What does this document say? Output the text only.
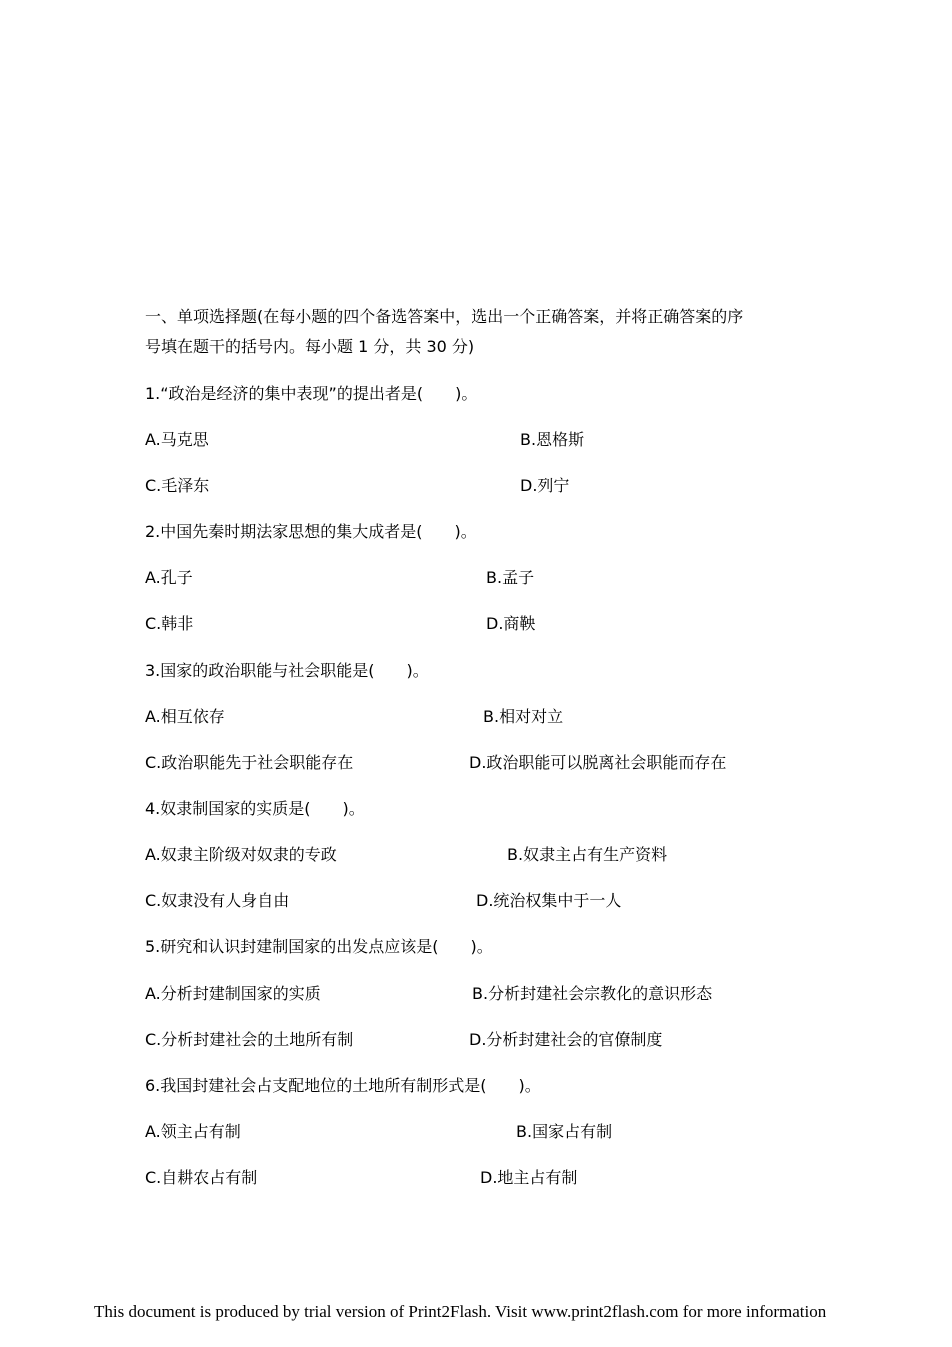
一、单项选择题(在每小题的四个备选答案中，选出一个正确答案，并将正确答案的序
号填在题干的括号内。每小题 1 分，共 30 分)
1.“政治是经济的集中表现”的提出者是(　　)。
A.马克思	B.恩格斯
C.毛泽东	D.列宁
2.中国先秦时期法家思想的集大成者是(　　)。
A.孔子	B.孟子
C.韩非	D.商鞅
3.国家的政治职能与社会职能是(　　)。
A.相互依存	B.相对对立
C.政治职能先于社会职能存在	D.政治职能可以脱离社会职能而存在
4.奴隶制国家的实质是(　　)。
A.奴隶主阶级对奴隶的专政	B.奴隶主占有生产资料
C.奴隶没有人身自由	D.统治权集中于一人
5.研究和认识封建制国家的出发点应该是(　　)。
A.分析封建制国家的实质	B.分析封建社会宗教化的意识形态
C.分析封建社会的土地所有制	D.分析封建社会的官僚制度
6.我国封建社会占支配地位的土地所有制形式是(　　)。
A.领主占有制	B.国家占有制
C.自耕农占有制	D.地主占有制
This document is produced by trial version of Print2Flash. Visit www.print2flash.com for more information
